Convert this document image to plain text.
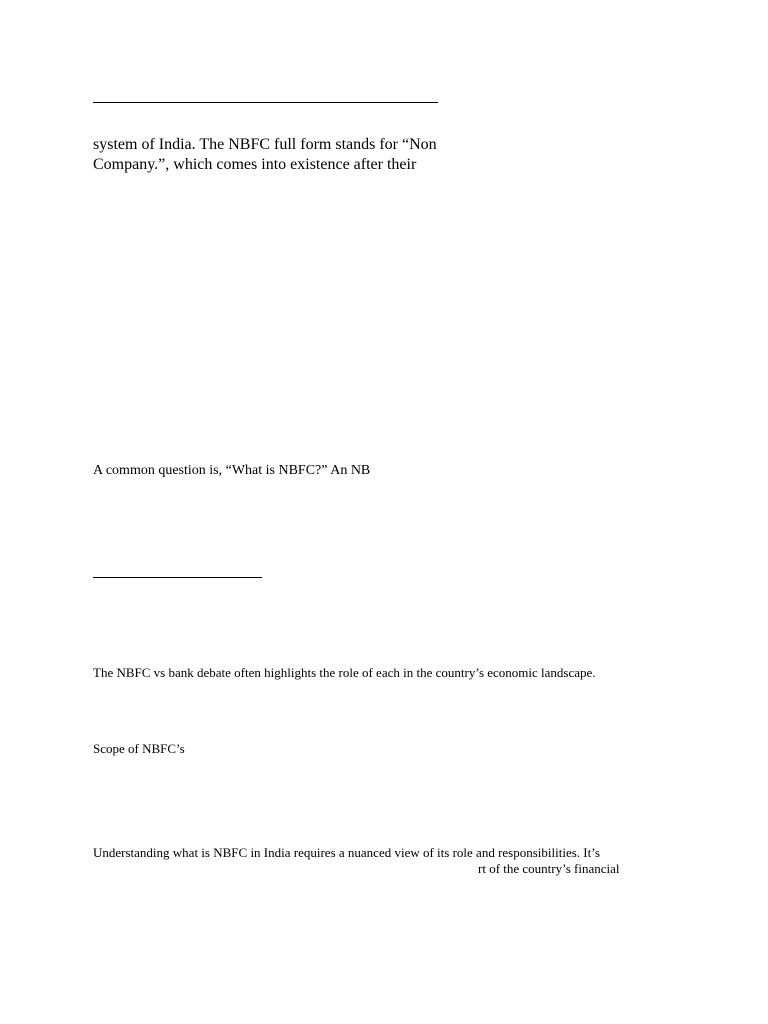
system of India. The NBFC full form stands for “Non
Company.”, which comes into existence after their
A common question is, “What is NBFC?” An NB
The NBFC vs bank debate often highlights the role of each in the country’s economic landscape.
Scope of NBFC’s
Understanding what is NBFC in India requires a nuanced view of its role and responsibilities. It’s
rt of the country’s financial
